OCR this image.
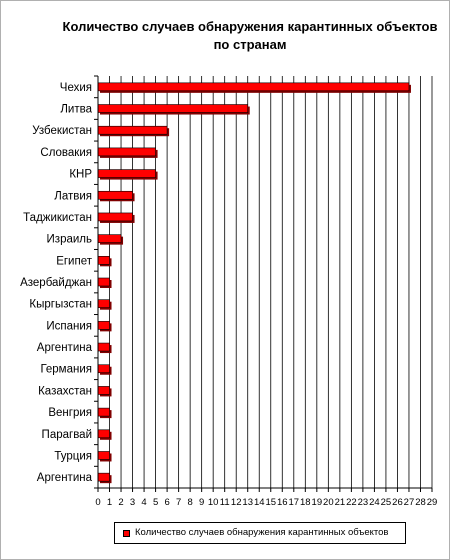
Количество случаев обнаружения карантинных объектов по странам
Чехия
Литва
Узбекистан
Словакия
КНР
Латвия
Таджикистан
Израиль
Египет
Азербайджан
Кыргызстан
Испания
Аргентина
Германия
Казахстан
Венгрия
Парагвай
Турция
Аргентина
0 1 2 3 4 5 6 7 8 9 10 11 12 13 14 15 16 17 18 19 20 21 22 23 24 25 26 27 28 29
Количество случаев обнаружения карантинных объектов
